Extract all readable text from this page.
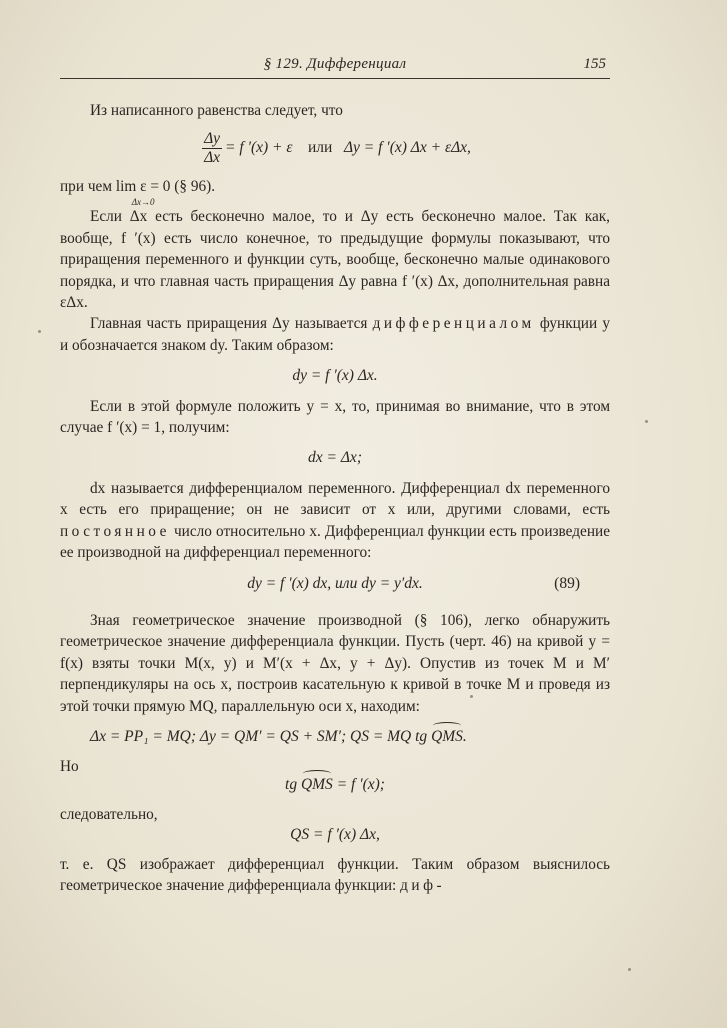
§ 129. Дифференциал	155

Из написанного равенства следует, что

$\frac{\Delta y}{\Delta x} = f$ ′(x) + ε или Δy = f ′(x) Δx + εΔx,

при чем lim ε = 0
Δx→0
(§ 96).

Если Δx есть бесконечно малое, то и Δy есть бесконечно малое. Так как, вообще, f ′(x) есть число конечное, то предыдущие формулы показывают, что приращения переменного и функции суть, вообще, бесконечно малые одинакового порядка, и что главная часть приращения Δy равна f ′(x) Δx, дополнительная равна εΔx.

Главная часть приращения Δy называется дифференциалом функции y и обозначается знаком dy. Таким образом:

dy = f ′(x) Δx.

Если в этой формуле положить y = x, то, принимая во внимание, что в этом случае f ′(x) = 1, получим:

dx = Δx;

dx называется дифференциалом переменного. Дифференциал dx переменного x есть его приращение; он не зависит от x или, другими словами, есть постоянное число относительно x. Дифференциал функции есть произведение ее производной на дифференциал переменного:

dy = f ′(x) dx, или dy = y′dx.	(89)

Зная геометрическое значение производной (§ 106), легко обнаружить геометрическое значение дифференциала функции. Пусть (черт. 46) на кривой y = f(x) взяты точки M(x, y) и M′(x + Δx, y + Δy). Опустив из точек M и M′ перпендикуляры на ось x, построив касательную к кривой в точке M и проведя из этой точки прямую MQ, параллельную оси x, находим:

Δx = PP₁ = MQ; Δy = QM′ = QS + SM′; QS = MQ tg QMS.

Но

tg QMS = f ′(x);

следовательно,

QS = f ′(x) Δx,

т. е. QS изображает дифференциал функции. Таким образом выяснилось геометрическое значение дифференциала функции: диф-
